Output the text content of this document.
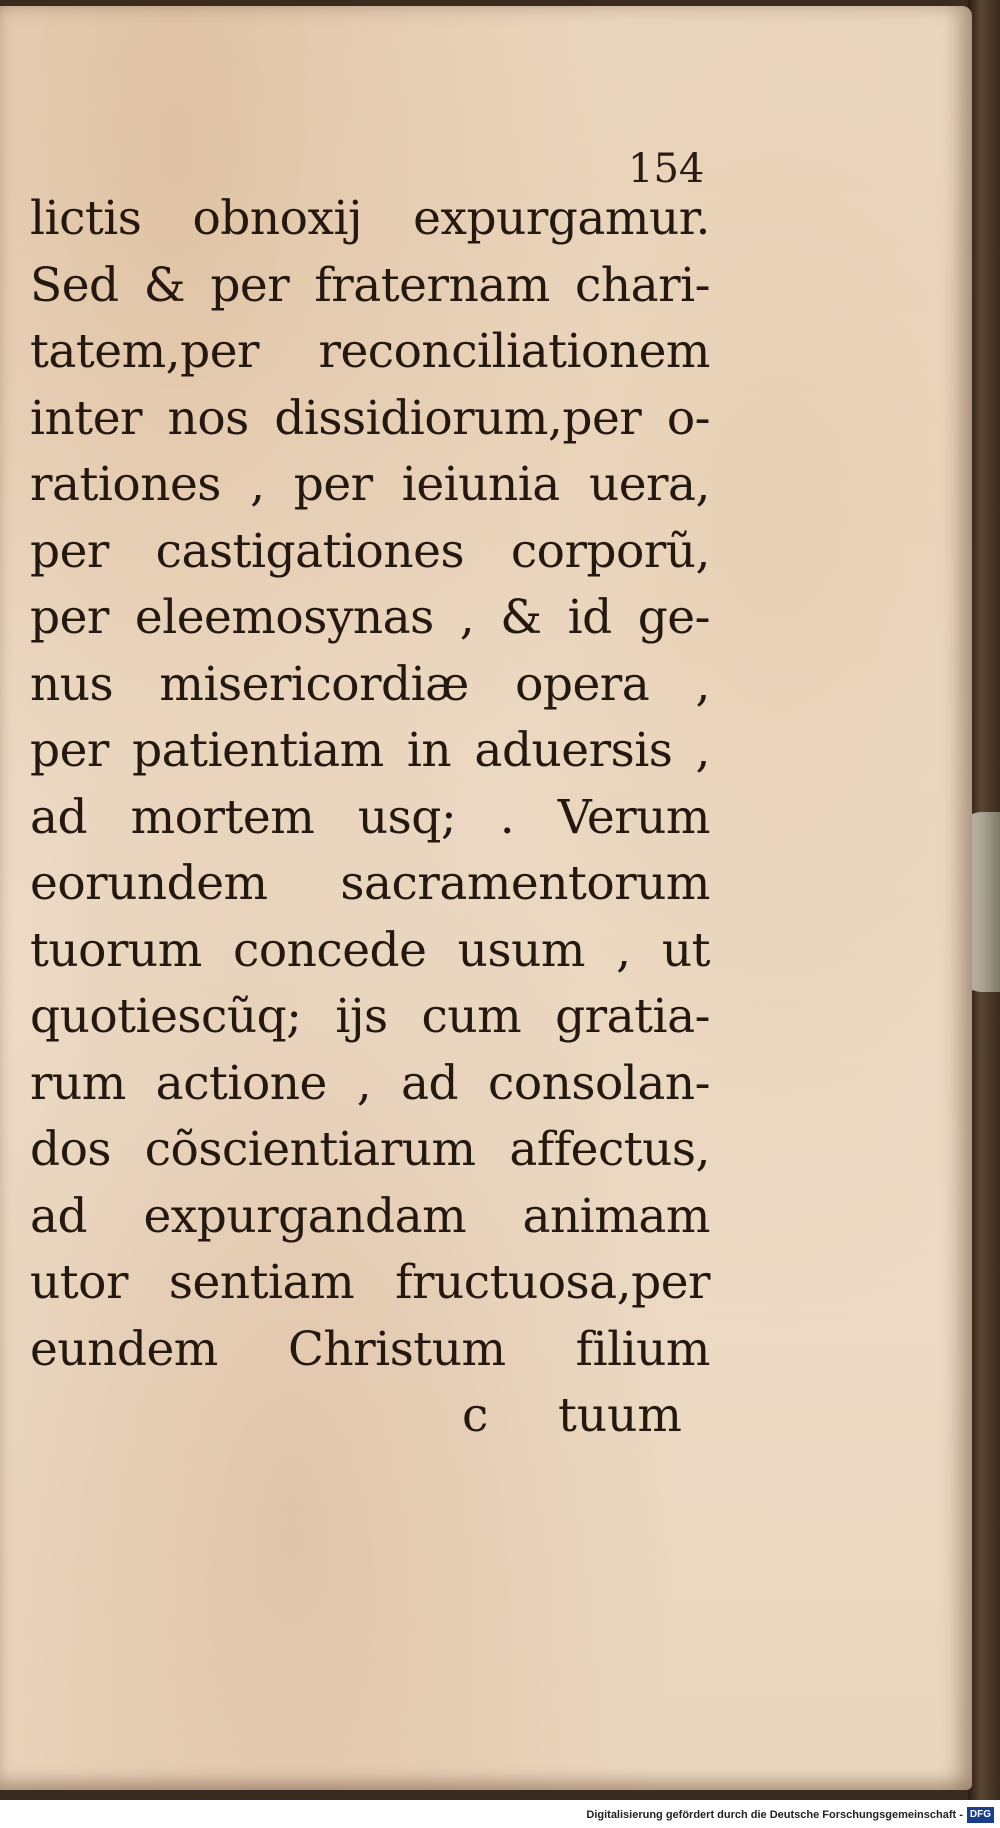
154
lictis obnoxij expurgamur.
Sed & per fraternam chari-
tatem,per reconciliationem
inter nos dissidiorum,per o-
rationes , per ieiunia uera,
per castigationes corporũ,
per eleemosynas , & id ge-
nus misericordiæ opera ,
per patientiam in aduersis ,
ad mortem usq; . Verum
eorundem sacramentorum
tuorum concede usum , ut
quotiescũq; ijs cum gratia-
rum actione , ad consolan-
dos cõscientiarum affectus,
ad expurgandam animam
utor sentiam fructuosa,per
eundem Christum filium
c tuum
Digitalisierung gefördert durch die Deutsche Forschungsgemeinschaft - DFG
